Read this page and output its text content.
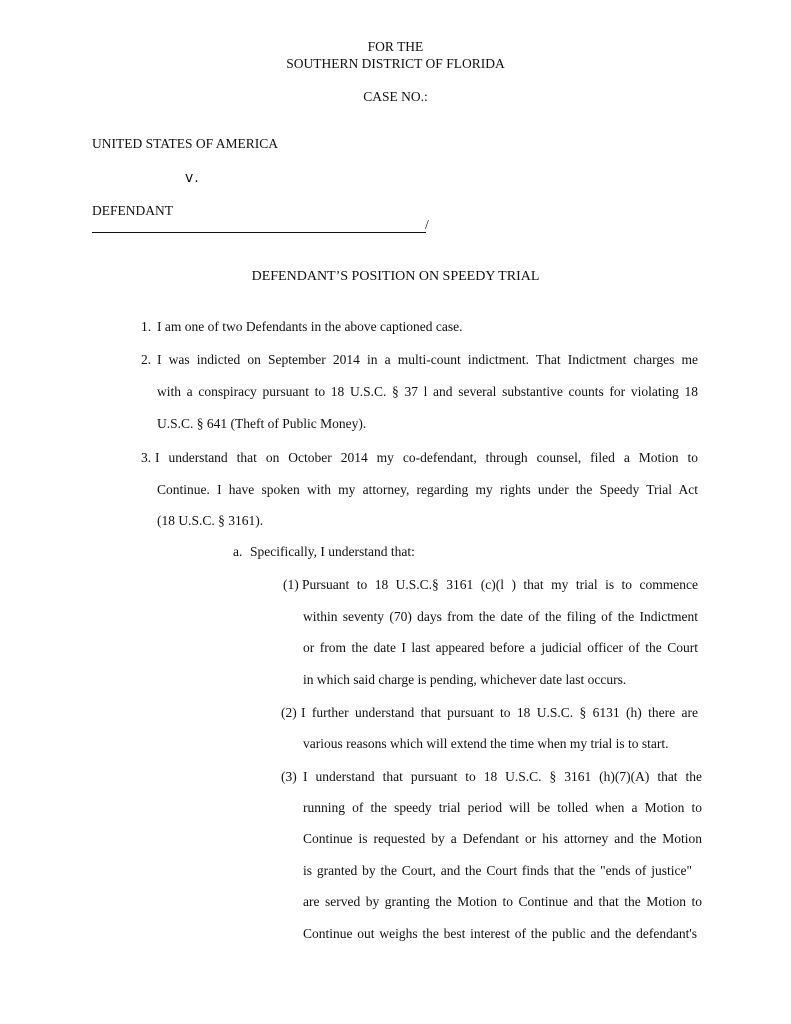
FOR THE
SOUTHERN DISTRICT OF FLORIDA
CASE NO.:
UNITED STATES OF AMERICA
v.
DEFENDANT
/
DEFENDANT’S POSITION ON SPEEDY TRIAL
1. I am one of two Defendants in the above captioned case.
2. I was indicted on September 2014 in a multi-count indictment. That Indictment charges me
with a conspiracy pursuant to 18 U.S.C. § 37 l and several substantive counts for violating 18
U.S.C. § 641 (Theft of Public Money).
3. I understand that on October 2014 my co-defendant, through counsel, filed a Motion to
Continue. I have spoken with my attorney, regarding my rights under the Speedy Trial Act
(18 U.S.C. § 3161).
a. Specifically, I understand that:
(1) Pursuant to 18 U.S.C.§ 3161 (c)(l ) that my trial is to commence
within seventy (70) days from the date of the filing of the Indictment
or from the date I last appeared before a judicial officer of the Court
in which said charge is pending, whichever date last occurs.
(2) I further understand that pursuant to 18 U.S.C. § 6131 (h) there are
various reasons which will extend the time when my trial is to start.
(3) I understand that pursuant to 18 U.S.C. § 3161 (h)(7)(A) that the
running of the speedy trial period will be tolled when a Motion to
Continue is requested by a Defendant or his attorney and the Motion
is granted by the Court, and the Court finds that the "ends of justice"
are served by granting the Motion to Continue and that the Motion to
Continue out weighs the best interest of the public and the defendant's
